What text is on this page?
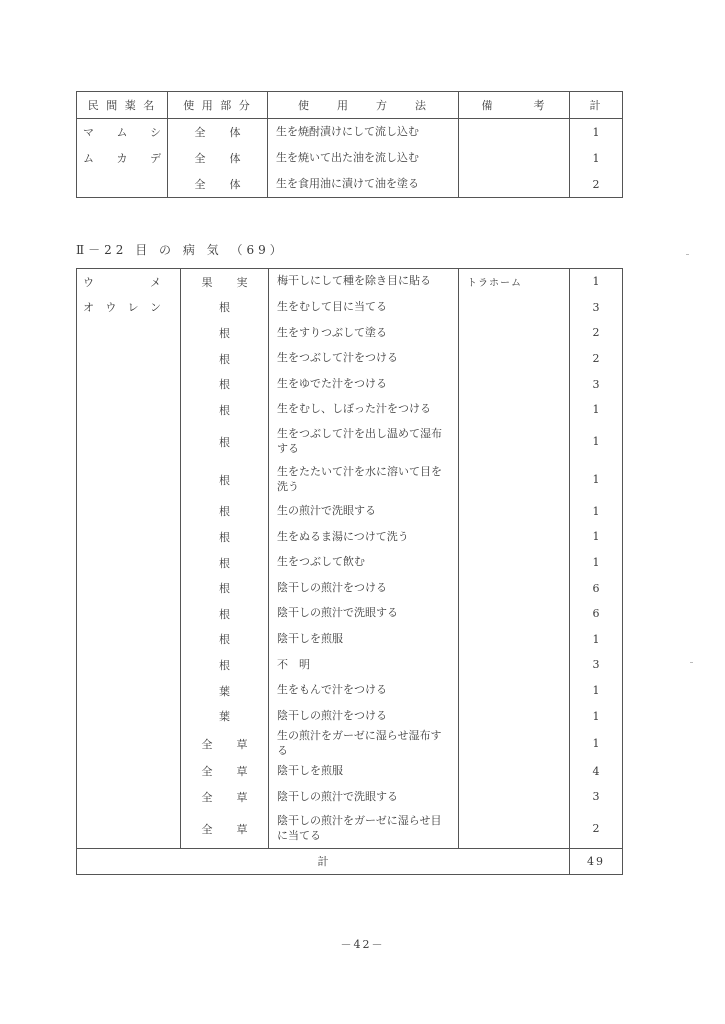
民 間 薬 名	使 用 部 分	使　　用　　方　　法	備　　　考	計

マ ム シ	全 体	生を焼酎漬けにして流し込む		1

ム カ デ	全 体	生を焼いて出た油を流し込む		1

	全 体	生を食用油に漬けて油を塗る		2
Ⅱ－22 目 の 病 気 （69）
ウ メ	果 実	梅干しにして種を除き目に貼る	トラホーム	1

オ ウ レ ン	根	生をむして目に当てる		3

	根	生をすりつぶして塗る		2

	根	生をつぶして汁をつける		2

	根	生をゆでた汁をつける		3

	根	生をむし、しぼった汁をつける		1

	根	生をつぶして汁を出し温めて湿布する		1

	根	生をたたいて汁を水に溶いて目を洗う		1

	根	生の煎汁で洗眼する		1

	根	生をぬるま湯につけて洗う		1

	根	生をつぶして飲む		1

	根	陰干しの煎汁をつける		6

	根	陰干しの煎汁で洗眼する		6

	根	陰干しを煎服		1

	根	不　明		3

	葉	生をもんで汁をつける		1

	葉	陰干しの煎汁をつける		1

	全 草	生の煎汁をガーゼに湿らせ湿布する		1

	全 草	陰干しを煎服		4

	全 草	陰干しの煎汁で洗眼する		3

	全 草	陰干しの煎汁をガーゼに湿らせ目に当てる		2
計				49
－42－
